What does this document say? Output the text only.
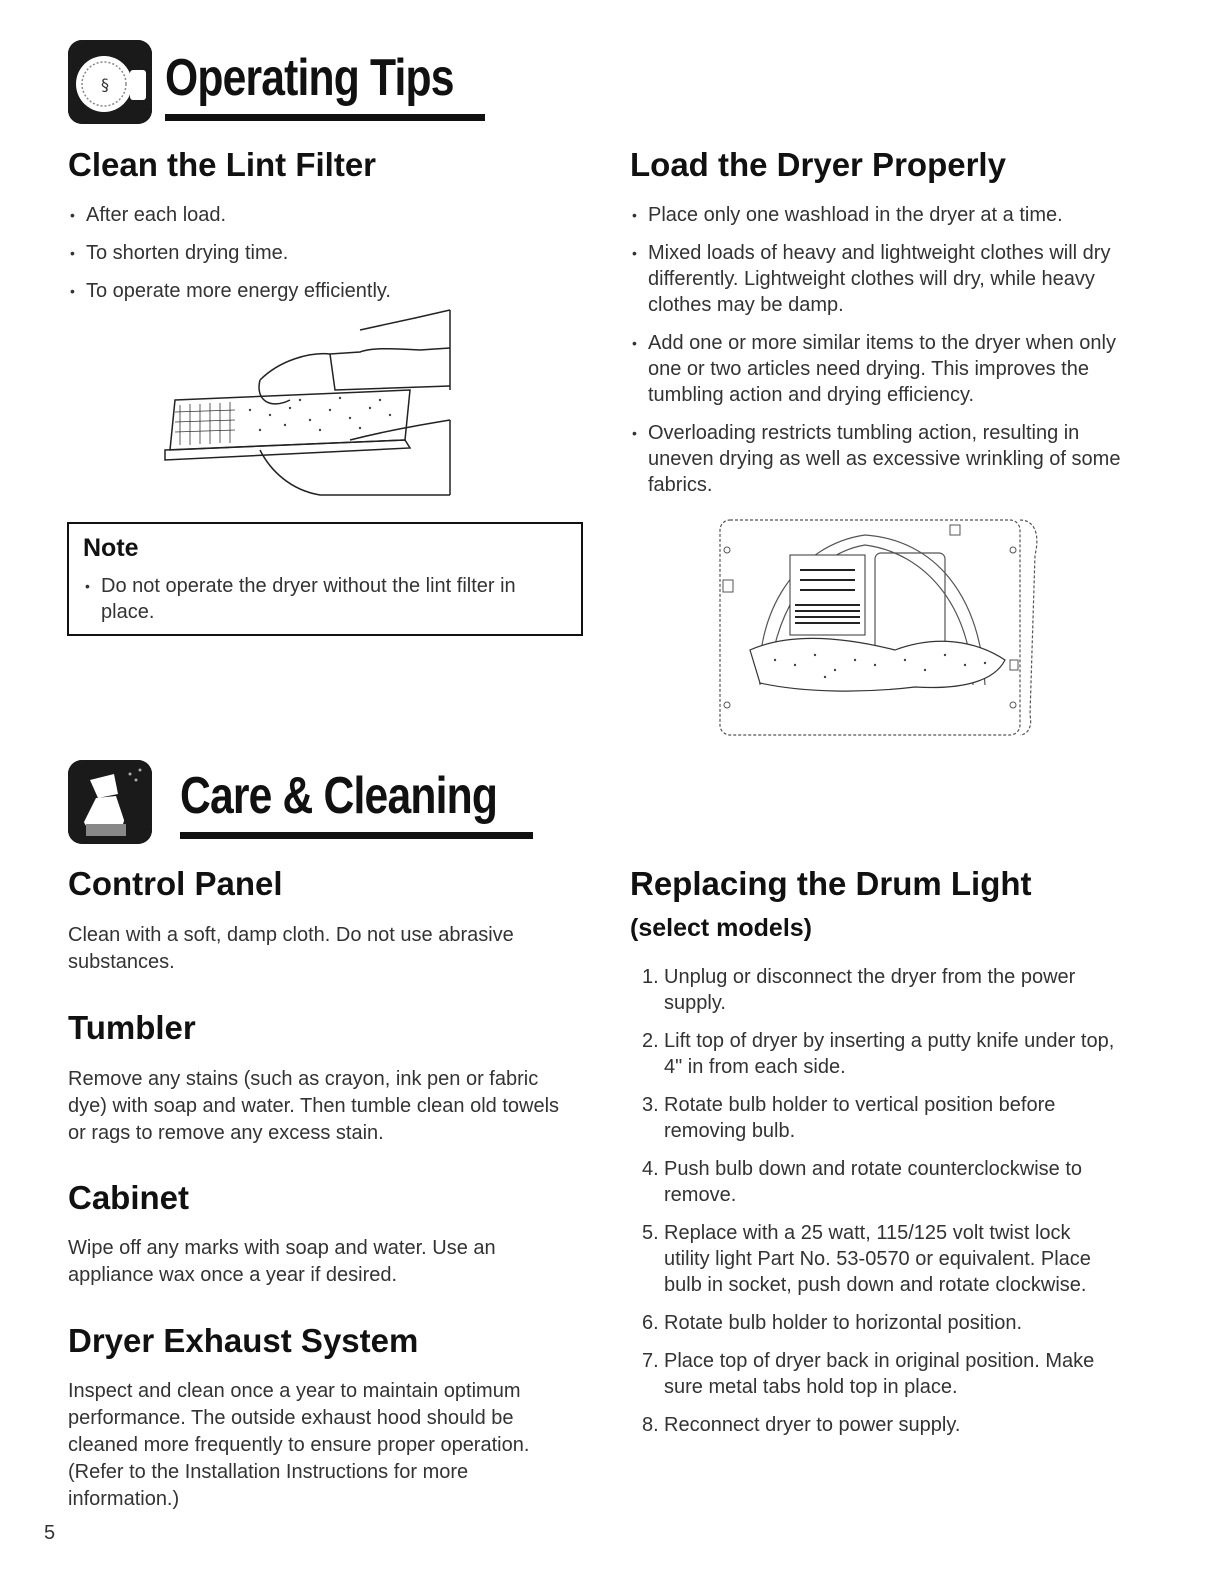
§ Operating Tips
Clean the Lint Filter
• After each load.
• To shorten drying time.
• To operate more energy efficiently.
Note
• Do not operate the dryer without the lint filter in place.
Load the Dryer Properly
• Place only one washload in the dryer at a time.
• Mixed loads of heavy and lightweight clothes will dry differently. Lightweight clothes will dry, while heavy clothes may be damp.
• Add one or more similar items to the dryer when only one or two articles need drying. This improves the tumbling action and drying efficiency.
• Overloading restricts tumbling action, resulting in uneven drying as well as excessive wrinkling of some fabrics.
Care & Cleaning
Control Panel

Clean with a soft, damp cloth. Do not use abrasive substances.

Tumbler

Remove any stains (such as crayon, ink pen or fabric dye) with soap and water. Then tumble clean old towels or rags to remove any excess stain.

Cabinet

Wipe off any marks with soap and water. Use an appliance wax once a year if desired.

Dryer Exhaust System

Inspect and clean once a year to maintain optimum performance. The outside exhaust hood should be cleaned more frequently to ensure proper operation. (Refer to the Installation Instructions for more information.)

Replacing the Drum Light
(select models)
1. Unplug or disconnect the dryer from the power supply.
2. Lift top of dryer by inserting a putty knife under top, 4" in from each side.
3. Rotate bulb holder to vertical position before removing bulb.
4. Push bulb down and rotate counterclockwise to remove.
5. Replace with a 25 watt, 115/125 volt twist lock utility light Part No. 53-0570 or equivalent. Place bulb in socket, push down and rotate clockwise.
6. Rotate bulb holder to horizontal position.
7. Place top of dryer back in original position. Make sure metal tabs hold top in place.
8. Reconnect dryer to power supply.
5
